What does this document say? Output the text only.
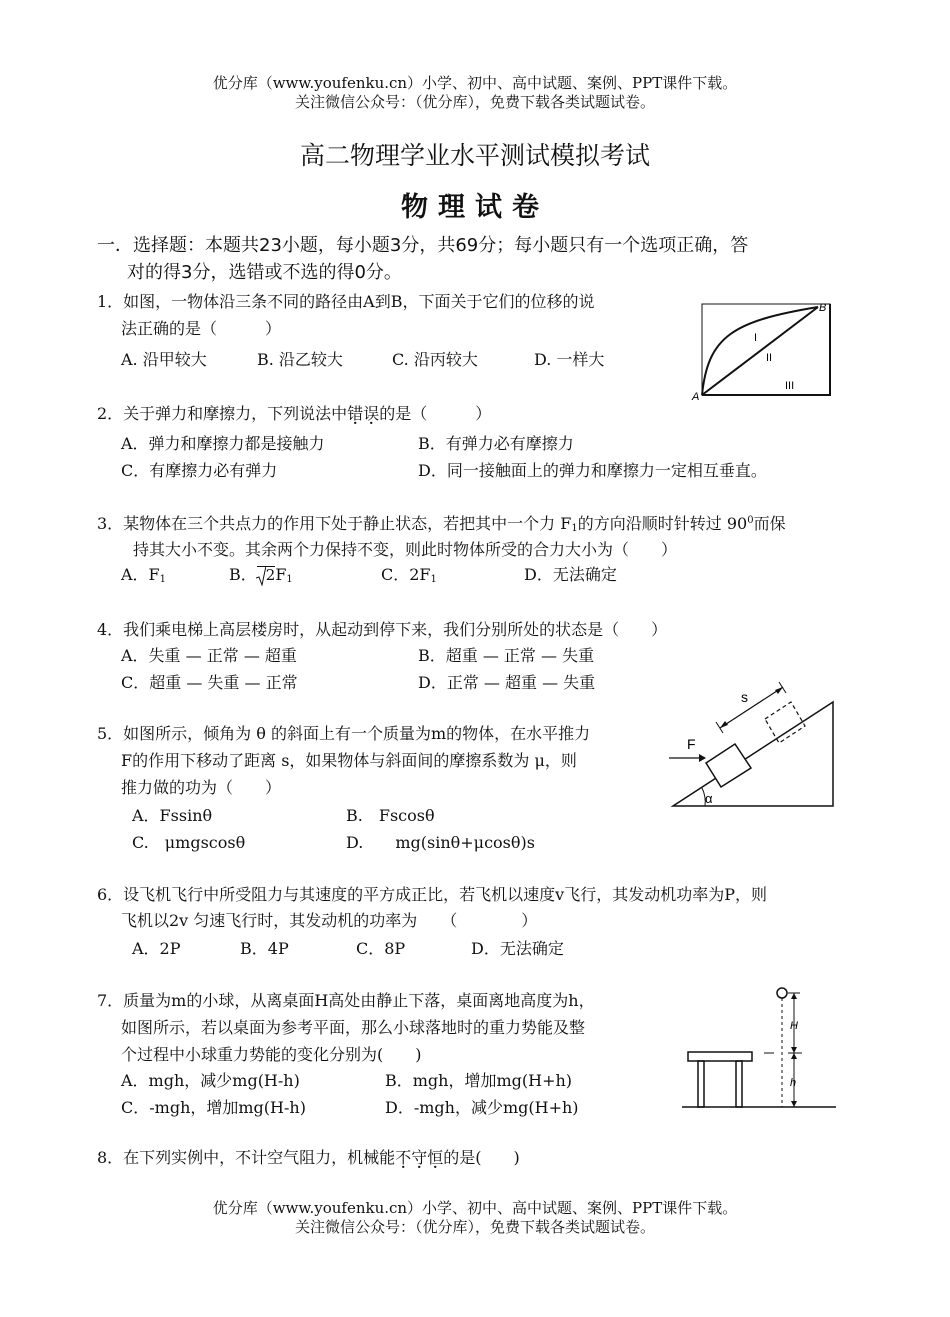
优分库（www.youfenku.cn）小学、初中、高中试题、案例、PPT课件下载。
关注微信公众号：（优分库），免费下载各类试题试卷。
高二物理学业水平测试模拟考试
物理试卷
一．选择题：本题共23小题，每小题3分，共69分；每小题只有一个选项正确，答
对的得3分，选错或不选的得0分。
1．如图，一物体沿三条不同的路径由A到B，下面关于它们的位移的说
法正确的是（　　　）
A. 沿甲较大	B. 沿乙较大	C. 沿丙较大	D. 一样大
A
B
I
II
III
2．关于弹力和摩擦力，下列说法中错误的是（　　　）
A．弹力和摩擦力都是接触力	B．有弹力必有摩擦力
C．有摩擦力必有弹力	D．同一接触面上的弹力和摩擦力一定相互垂直。
3．某物体在三个共点力的作用下处于静止状态，若把其中一个力 $F_1$的方向沿顺时针转过 $90^0$而保
持其大小不变。其余两个力保持不变，则此时物体所受的合力大小为（　　）
A．$F_1$	B． $2F_1$	C．$2F_1$	D．无法确定
4．我们乘电梯上高层楼房时，从起动到停下来，我们分别所处的状态是（　　）
A．失重 — 正常 — 超重	B．超重 — 正常 — 失重
C．超重 — 失重 — 正常	D．正常 — 超重 — 失重
5．如图所示，倾角为 θ 的斜面上有一个质量为m的物体，在水平推力
F的作用下移动了距离 s，如果物体与斜面间的摩擦系数为 μ，则
推力做的功为（　　）
A．Fssinθ	B.　Fscosθ
C.　μmgscosθ	D.　　mg(sinθ+μcosθ)s
α
F
s
6．设飞机飞行中所受阻力与其速度的平方成正比，若飞机以速度v飞行，其发动机功率为P，则
飞机以2v 匀速飞行时，其发动机的功率为　　（　　　　）
A．2P	B．4P	C．8P	D．无法确定
7．质量为m的小球，从离桌面H高处由静止下落，桌面离地高度为h，
如图所示，若以桌面为参考平面，那么小球落地时的重力势能及整
个过程中小球重力势能的变化分别为(　　)
A．mgh，减少mg(H-h)	B．mgh，增加mg(H+h)
C．-mgh，增加mg(H-h)	D．-mgh，减少mg(H+h)
H
h
8．在下列实例中，不计空气阻力，机械能不守恒的是(　　)
优分库（www.youfenku.cn）小学、初中、高中试题、案例、PPT课件下载。
关注微信公众号：（优分库），免费下载各类试题试卷。
